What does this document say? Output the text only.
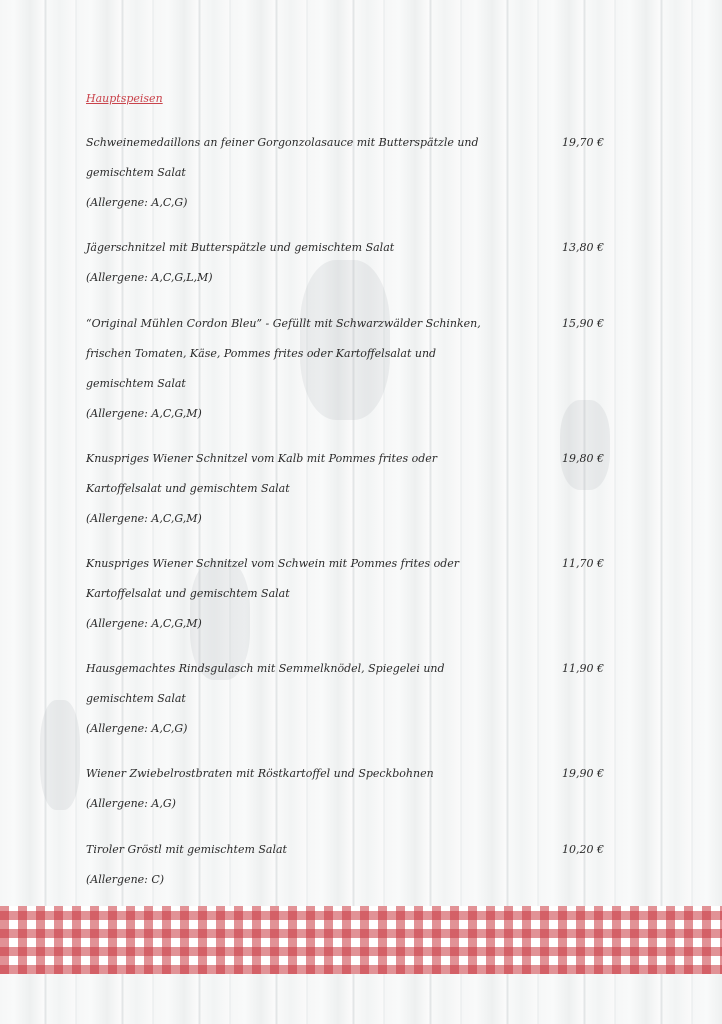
Hauptspeisen
Schweinemedaillons an feiner Gorgonzolasauce mit Butterspätzle und
gemischtem Salat
(Allergene: A,C,G)
19,70 €
Jägerschnitzel mit Butterspätzle und gemischtem Salat
(Allergene: A,C,G,L,M)
13,80 €
“Original Mühlen Cordon Bleu” - Gefüllt mit Schwarzwälder Schinken,
frischen Tomaten, Käse, Pommes frites oder Kartoffelsalat und
gemischtem Salat
(Allergene: A,C,G,M)
15,90 €
Knuspriges Wiener Schnitzel vom Kalb mit Pommes frites oder
Kartoffelsalat und gemischtem Salat
(Allergene: A,C,G,M)
19,80 €
Knuspriges Wiener Schnitzel vom Schwein mit Pommes frites oder
Kartoffelsalat und gemischtem Salat
(Allergene: A,C,G,M)
11,70 €
Hausgemachtes Rindsgulasch mit Semmelknödel, Spiegelei und
gemischtem Salat
(Allergene: A,C,G)
11,90 €
Wiener Zwiebelrostbraten mit Röstkartoffel und Speckbohnen
(Allergene: A,G)
19,90 €
Tiroler Gröstl mit gemischtem Salat
(Allergene: C)
10,20 €
